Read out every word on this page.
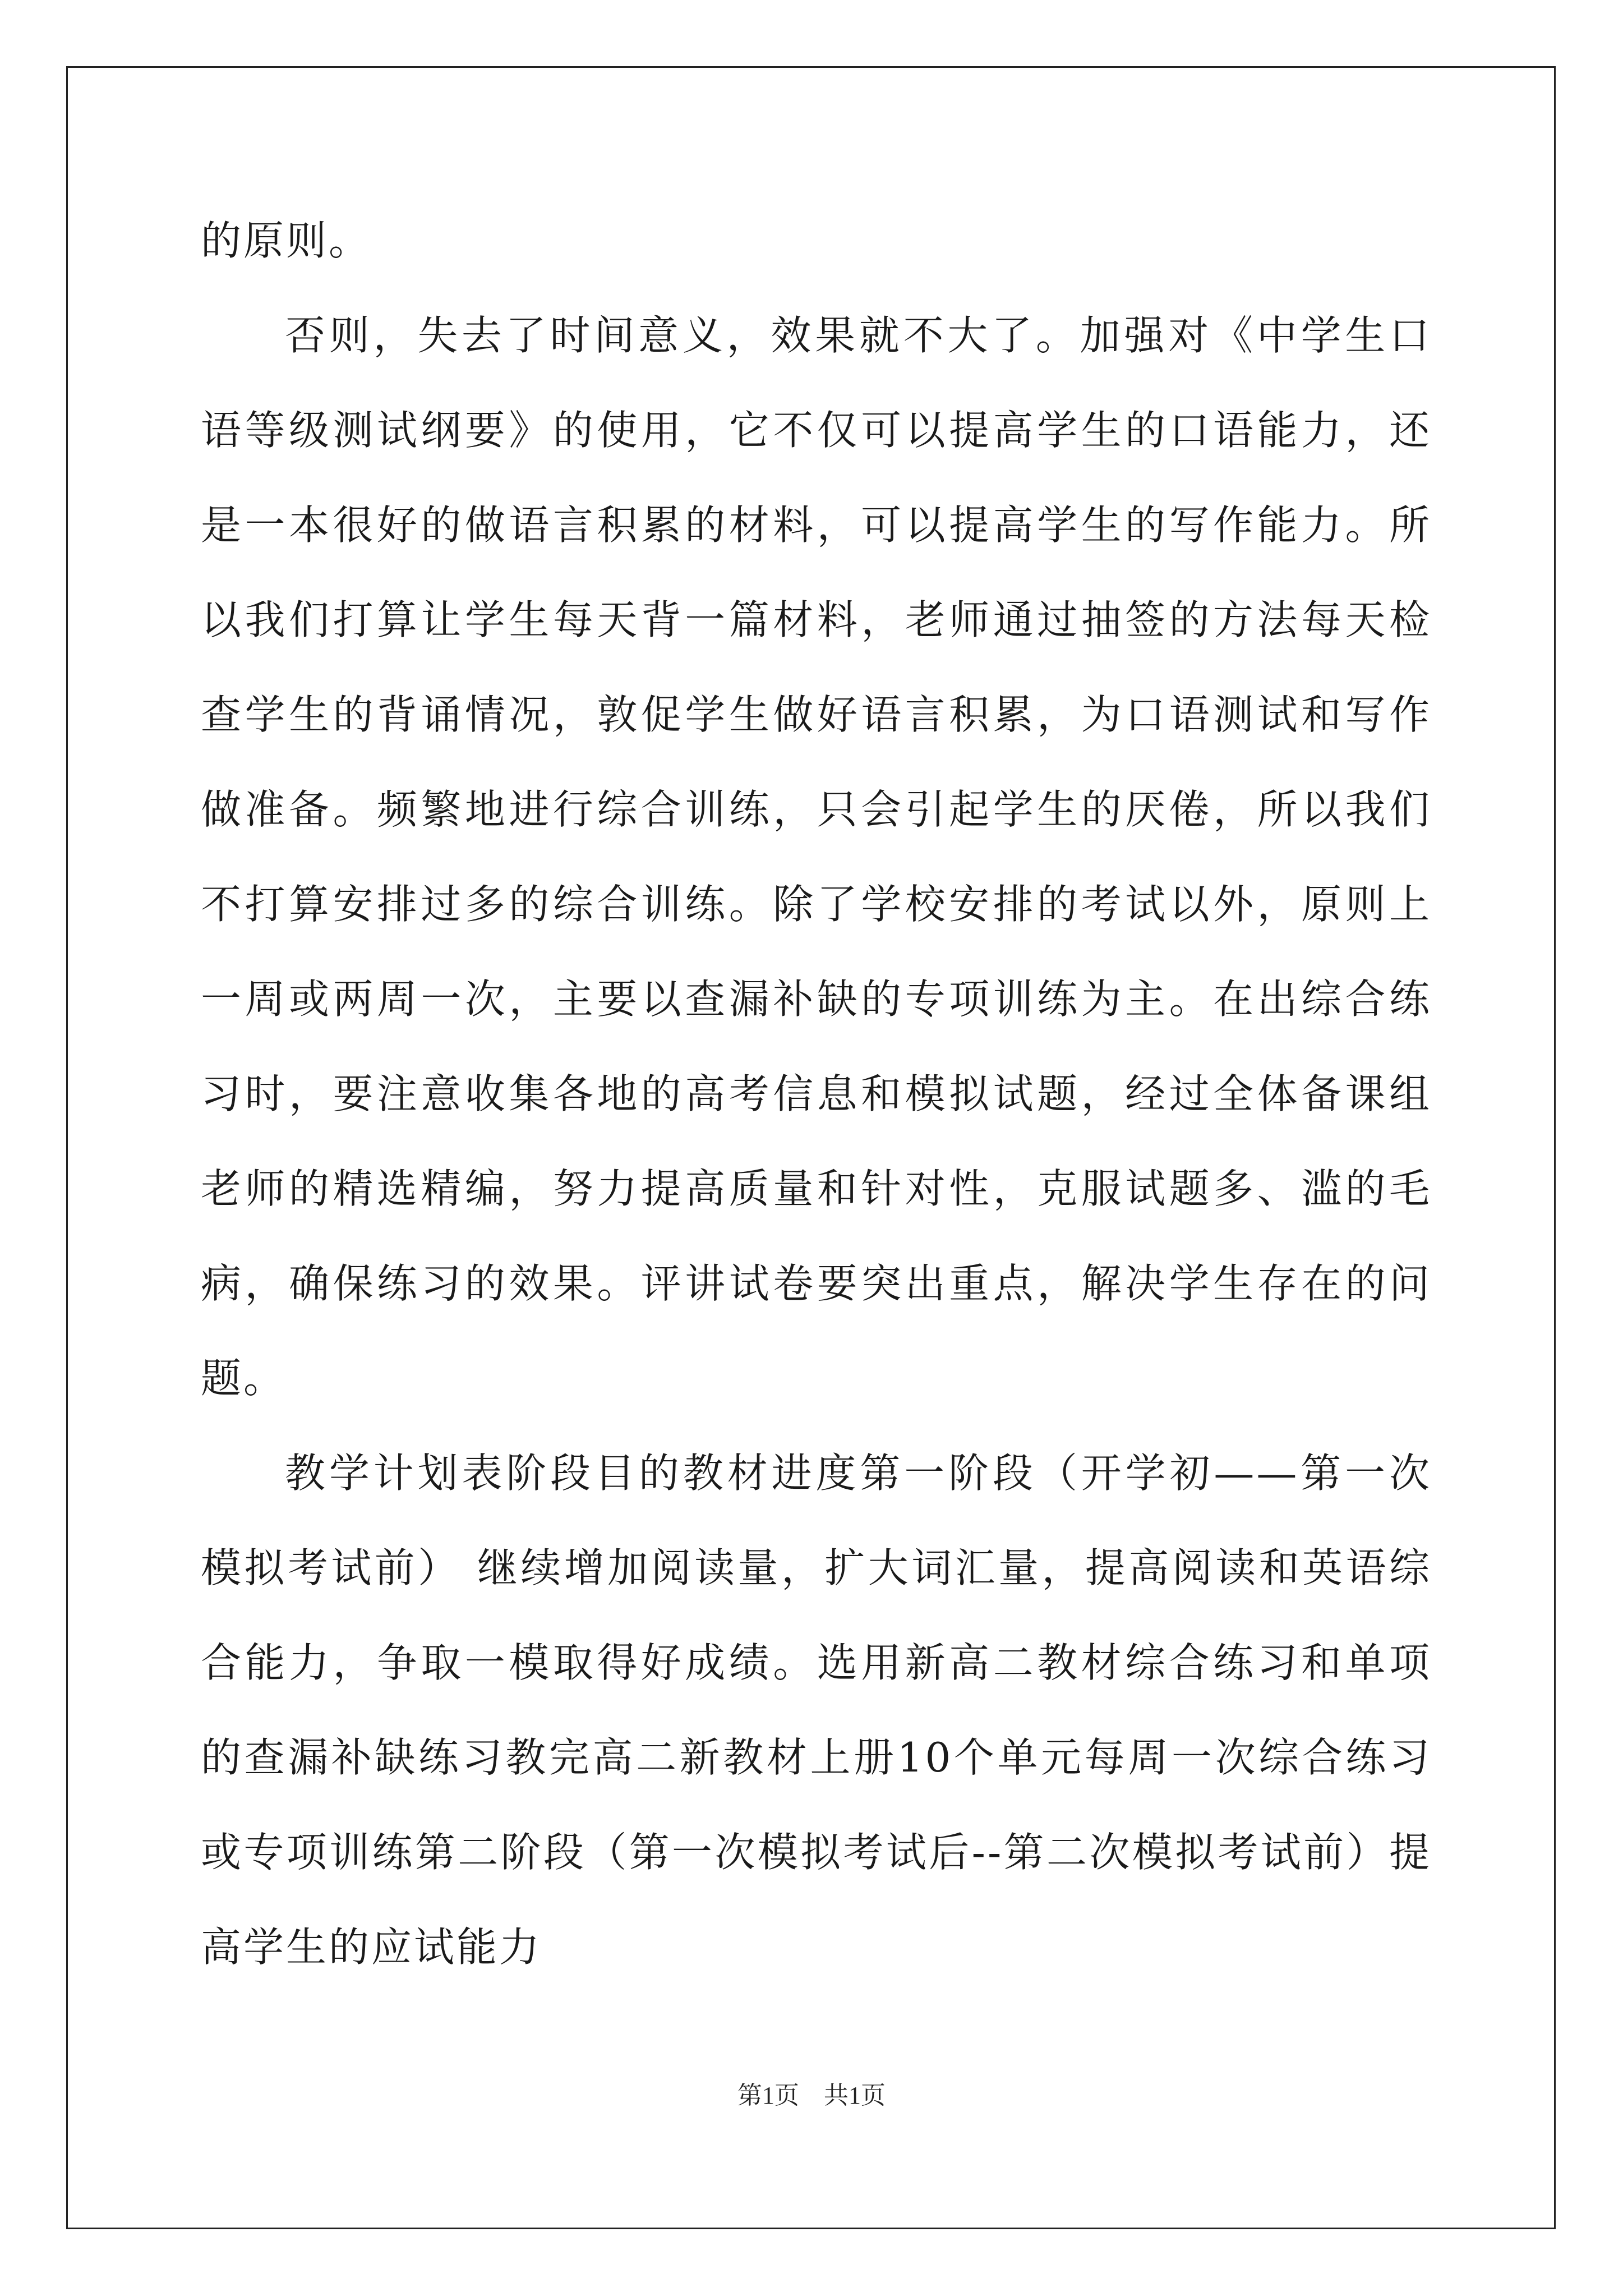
的原则。

否则，失去了时间意义，效果就不大了。加强对《中学生口语等级测试纲要》的使用，它不仅可以提高学生的口语能力，还是一本很好的做语言积累的材料，可以提高学生的写作能力。所以我们打算让学生每天背一篇材料，老师通过抽签的方法每天检查学生的背诵情况，敦促学生做好语言积累，为口语测试和写作做准备。频繁地进行综合训练，只会引起学生的厌倦，所以我们不打算安排过多的综合训练。除了学校安排的考试以外，原则上一周或两周一次，主要以查漏补缺的专项训练为主。在出综合练习时，要注意收集各地的高考信息和模拟试题，经过全体备课组老师的精选精编，努力提高质量和针对性，克服试题多、滥的毛病，确保练习的效果。评讲试卷要突出重点，解决学生存在的问题。

教学计划表阶段目的教材进度第一阶段（开学初——第一次模拟考试前） 继续增加阅读量，扩大词汇量，提高阅读和英语综合能力，争取一模取得好成绩。选用新高二教材综合练习和单项的查漏补缺练习教完高二新教材上册10个单元每周一次综合练习或专项训练第二阶段（第一次模拟考试后--第二次模拟考试前）提高学生的应试能力

第1页　共1页
